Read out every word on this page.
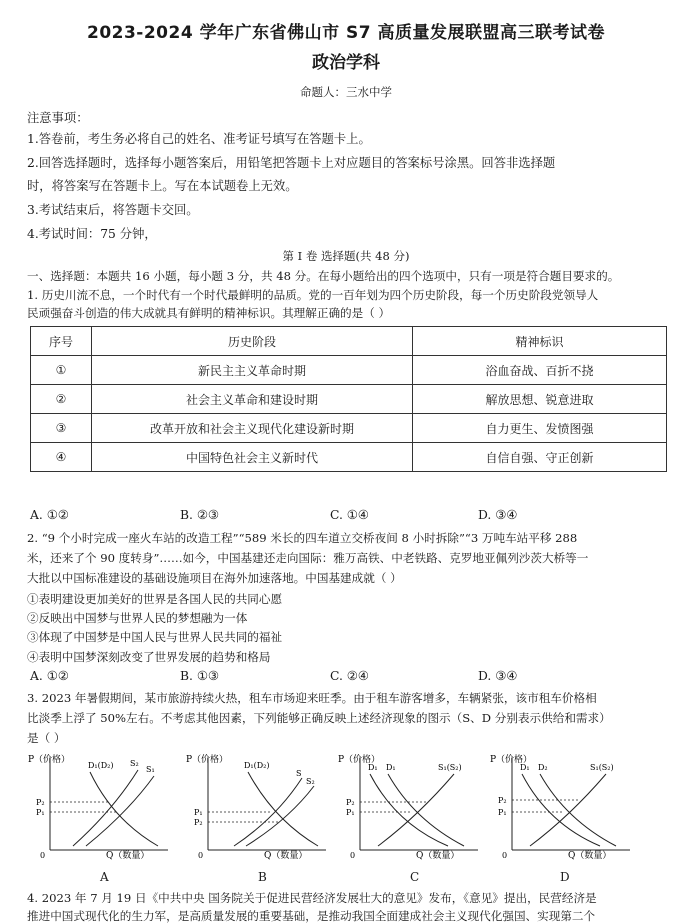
2023-2024 学年广东省佛山市 S7 高质量发展联盟高三联考试卷
政治学科
命题人：三水中学
注意事项：
1.答卷前，考生务必将自己的姓名、准考证号填写在答题卡上。
2.回答选择题时，选择每小题答案后，用铅笔把答题卡上对应题目的答案标号涂黑。回答非选择题
时，将答案写在答题卡上。写在本试题卷上无效。
3.考试结束后，将答题卡交回。
4.考试时间：75 分钟，
第 I 卷 选择题(共 48 分)
一、选择题：本题共 16 小题，每小题 3 分，共 48 分。在每小题给出的四个选项中，只有一项是符合题目要求的。
1. 历史川流不息，一个时代有一个时代最鲜明的品质。党的一百年划为四个历史阶段，每一个历史阶段党领导人
民顽强奋斗创造的伟大成就具有鲜明的精神标识。其理解正确的是（ ）
序号	历史阶段	精神标识
①	新民主主义革命时期	浴血奋战、百折不挠
②	社会主义革命和建设时期	解放思想、锐意进取
③	改革开放和社会主义现代化建设新时期	自力更生、发愤图强
④	中国特色社会主义新时代	自信自强、守正创新
A. ①②	B. ②③	C. ①④	D. ③④
2. “9 个小时完成一座火车站的改造工程”“589 米长的四车道立交桥夜间 8 小时拆除”“3 万吨车站平移 288
米，还来了个 90 度转身”……如今，中国基建还走向国际：雅万高铁、中老铁路、克罗地亚佩列沙茨大桥等一
大批以中国标准建设的基础设施项目在海外加速落地。中国基建成就（ ）
①表明建设更加美好的世界是各国人民的共同心愿
②反映出中国梦与世界人民的梦想融为一体
③体现了中国梦是中国人民与世界人民共同的福祉
④表明中国梦深刻改变了世界发展的趋势和格局
A. ①②	B. ①③	C. ②④	D. ③④
3. 2023 年暑假期间，某市旅游持续火热，租车市场迎来旺季。由于租车游客增多，车辆紧张，该市租车价格相
比淡季上浮了 50%左右。不考虑其他因素，下列能够正确反映上述经济现象的图示（S、D 分别表示供给和需求）
是（ ）
P（价格）
D₁(D₂) S₂
S₁
P₂
P₁
0	Q（数量）
A
P（价格）
D₁(D₂)
S
S₂
P₁
P₂
0	Q（数量）
B
P（价格）
D₁ D₁	S₁(S₂)
P₂
P₁
0	Q（数量）
C
P（价格）
D₁ D₂	S₁(S₂)
P₂
P₁
0	Q（数量）
D
4. 2023 年 7 月 19 日《中共中央 国务院关于促进民营经济发展壮大的意见》发布，《意见》提出，民营经济是
推进中国式现代化的生力军，是高质量发展的重要基础，是推动我国全面建成社会主义现代化强国、实现第二个
